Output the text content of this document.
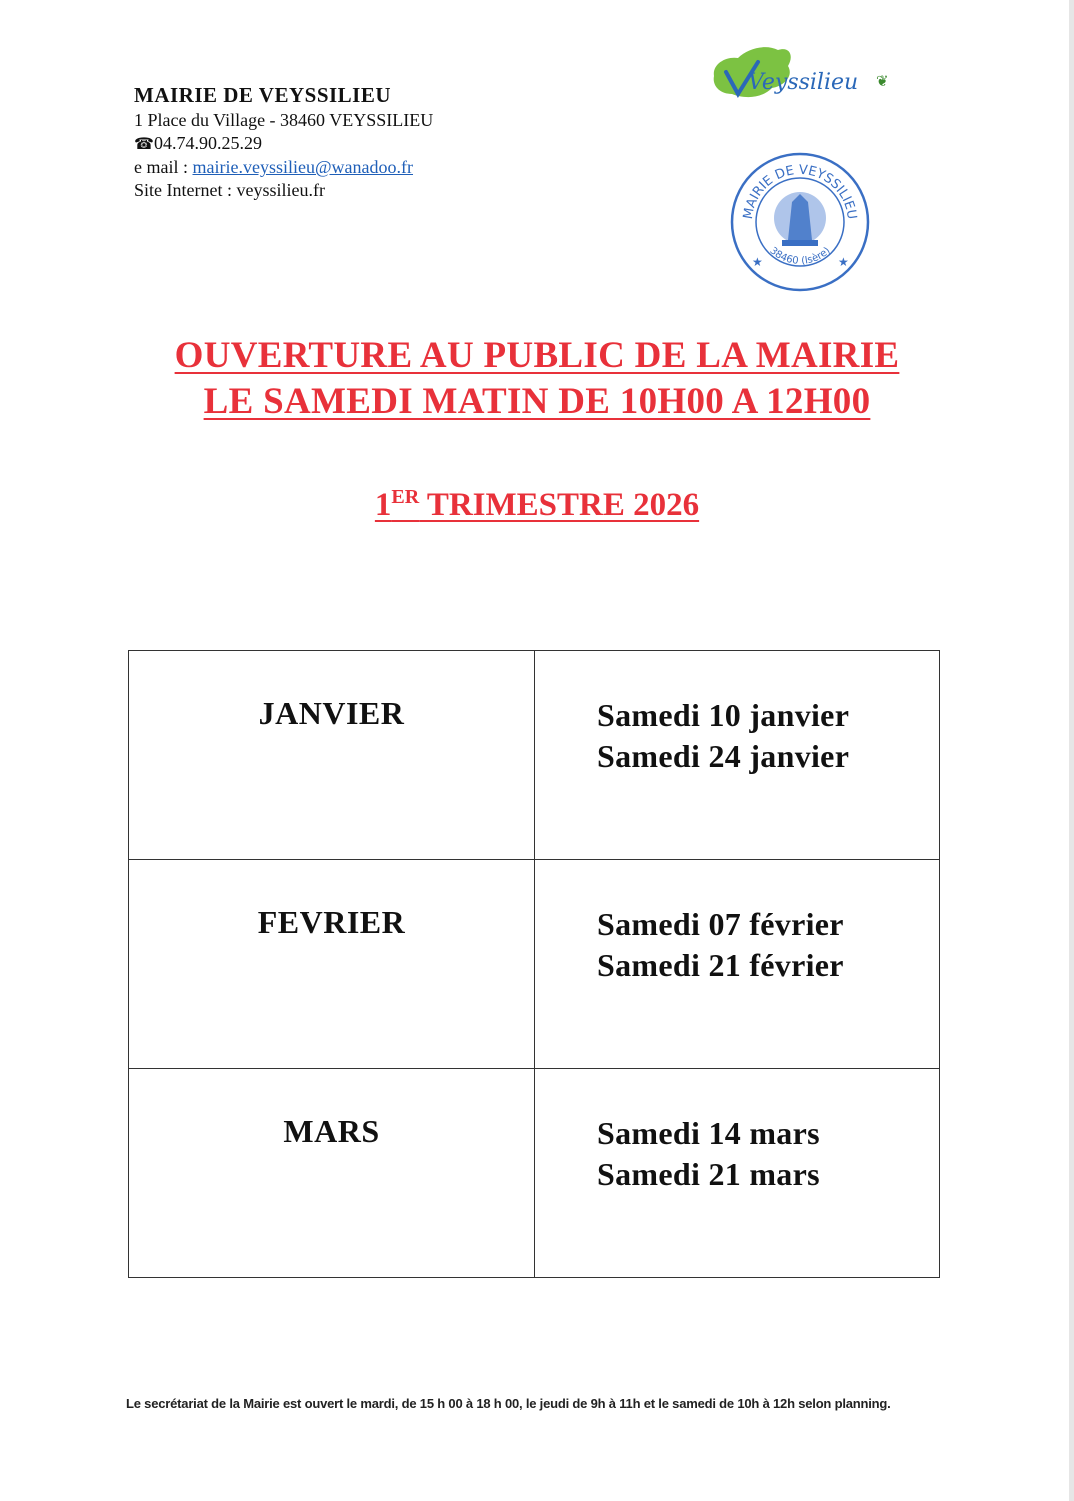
MAIRIE DE VEYSSILIEU
1 Place du Village - 38460 VEYSSILIEU
☎04.74.90.25.29
e mail : mairie.veyssilieu@wanadoo.fr
Site Internet : veyssilieu.fr
Veyssilieu ❦
MAIRIE DE VEYSSILIEU
38460 (Isère)
★	★
OUVERTURE AU PUBLIC DE LA MAIRIE
LE SAMEDI MATIN DE 10H00 A 12H00
1ER TRIMESTRE 2026
JANVIER	Samedi 10 janvier
Samedi 24 janvier

FEVRIER	Samedi 07 février
Samedi 21 février

MARS	Samedi 14 mars
Samedi 21 mars
Le secrétariat de la Mairie est ouvert le mardi, de 15 h 00 à 18 h 00, le jeudi de 9h à 11h et le samedi de 10h à 12h selon planning.
